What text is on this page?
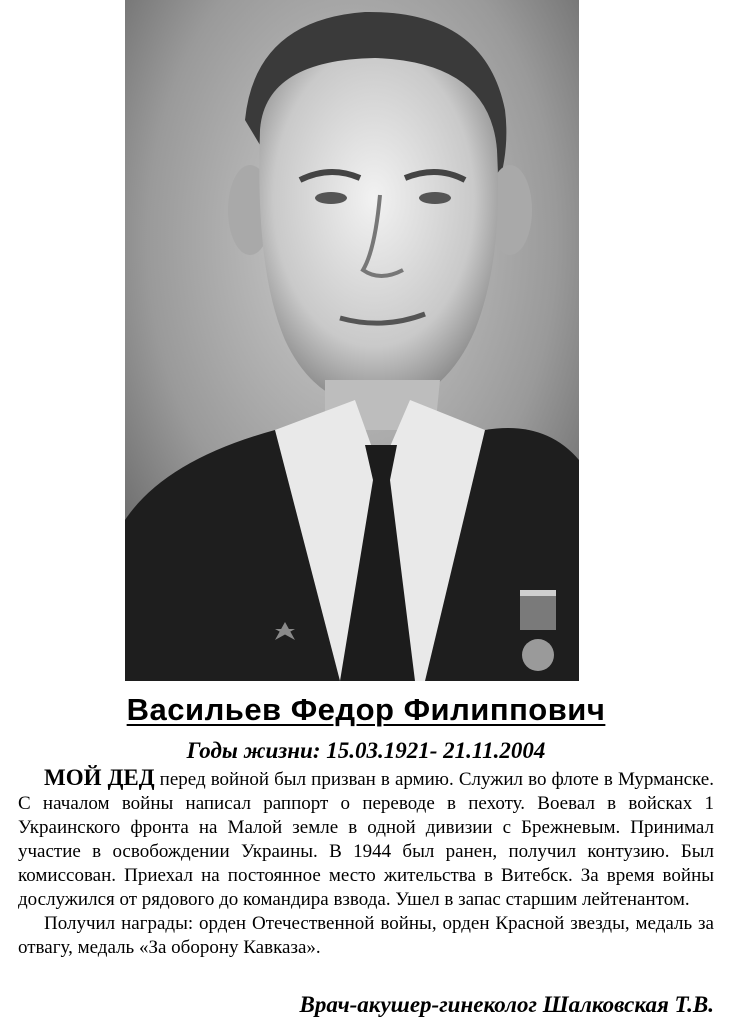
Васильев Федор Филиппович
Годы жизни: 15.03.1921- 21.11.2004

МОЙ ДЕД перед войной был призван в армию. Служил во флоте в Мурманске. С началом войны написал раппорт о переводе в пехоту. Воевал в войсках 1 Украинского фронта на Малой земле в одной дивизии с Брежневым. Принимал участие в освобождении Украины. В 1944 был ранен, получил контузию. Был комиссован. Приехал на постоянное место жительства в Витебск. За время войны дослужился от рядового до командира взвода. Ушел в запас старшим лейтенантом.

Получил награды: орден Отечественной войны, орден Красной звезды, медаль за отвагу, медаль «За оборону Кавказа».

Врач-акушер-гинеколог Шалковская Т.В.
